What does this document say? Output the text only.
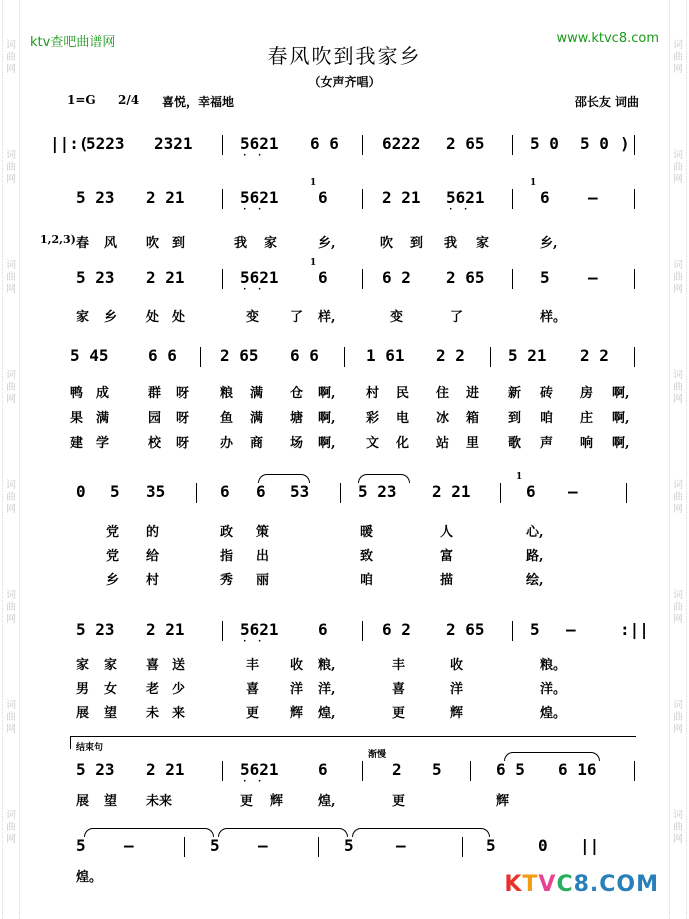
词
曲
网
词
曲
网
词
曲
网
词
曲
网
词
曲
网
词
曲
网
词
曲
网
词
曲
网
词
曲
网
词
曲
网
词
曲
网
词
曲
网
词
曲
网
词
曲
网
词
曲
网
词
曲
网
ktv查吧曲谱网	www.ktvc8.com
春风吹到我家乡
（女声齐唱）
1=G 2/4 喜悦，幸福地	邵长友 词曲
||:(
5223 2321	5621 · · 6 6	6222 2 65	5 0 5 0 )
5 23 2 21	5621 · ·
1
6	2 21 5621 · ·
1
6 —
1,2,3) 春 风 吹 到	我 家	乡,	吹 到 我 家	乡,
5 23 2 21	5621 · ·
1
6	6 2 2 65	5 —
家 乡 处 处	变 了 样,	变	了	样。
5 45 6 6	2 65 6 6	1 61 2 2	5 21 2 2
鸭 成	群 呀 粮 满 仓 啊, 村 民 住 进 新 砖 房 啊,
果 满	园 呀 鱼 满 塘 啊, 彩 电 冰 箱 到 咱 庄 啊,
建 学	校 呀 办 商 场 啊, 文 化 站 里 歌 声 响 啊,
0 5 35	6 6 53	5 23 2 21
1
6 —
党 的	政 策	暖	人	心,
党 给	指 出	致	富	路,
乡 村	秀 丽	咱	描	绘,
5 23 2 21	5621 · · 6	6 2 2 65	5 —	:||
家 家 喜 送	丰 收 粮,	丰	收	粮。
男 女 老 少	喜 洋 洋,	喜	洋	洋。
展 望 未 来	更 辉 煌,	更	辉	煌。
结束句
渐慢
5 23 2 21	5621 · · 6	2 5	6 5 6 16
展 望 未来	更 辉	煌,	更	辉
5 —	5 —	5	—	5	0 ||
煌。	KTVC8.COM
